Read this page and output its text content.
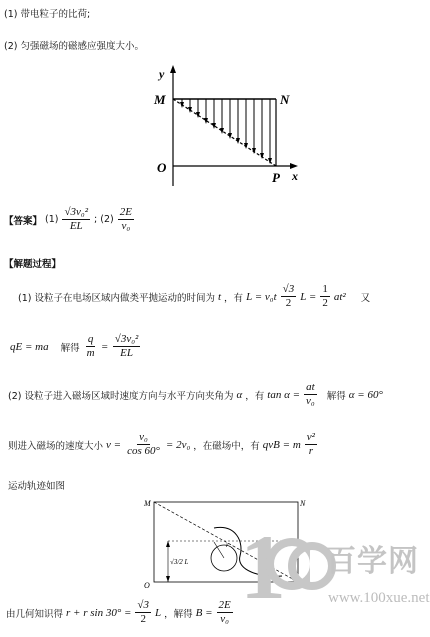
(1) 带电粒子的比荷;
(2) 匀强磁场的磁感应强度大小。
M	N
O
P
y
x
【答案】 $(1) \frac{\text{√3v₀²}}{EL}$ ; $(2) \frac{2E}{\text{v₀}}$
【解题过程】
(1) 设粒子在电场区域内做类平抛运动的时间为 t ，有 $L = v_0t \frac{√3}{2}$ $L = \frac{1}{2} at^2$ 又
qE = ma 解得 $\frac{q}{m} = \frac{\text{√3v₀²}}{EL}$
(2) 设粒子进入磁场区域时速度方向与水平方向夹角为 α ，有 $\tan \alpha = \frac{at}{\text{v₀}}$ 解得 α = 60°
则进入磁场的速度大小 $v = \frac{\text{v₀}}{\cos 60^\circ} = 2v_0$ ，在磁场中，有 qvB = m $\frac{\text{v²}}{r}$
运动轨迹如图
r
√3/2 L
M	N
O
P
1 百学网
www.100xue.net
由几何知识得 r + r $\sin 30^\circ = \frac{√3}{2}$ L ，解得 $B = \frac{2E}{\text{v₀}}$
